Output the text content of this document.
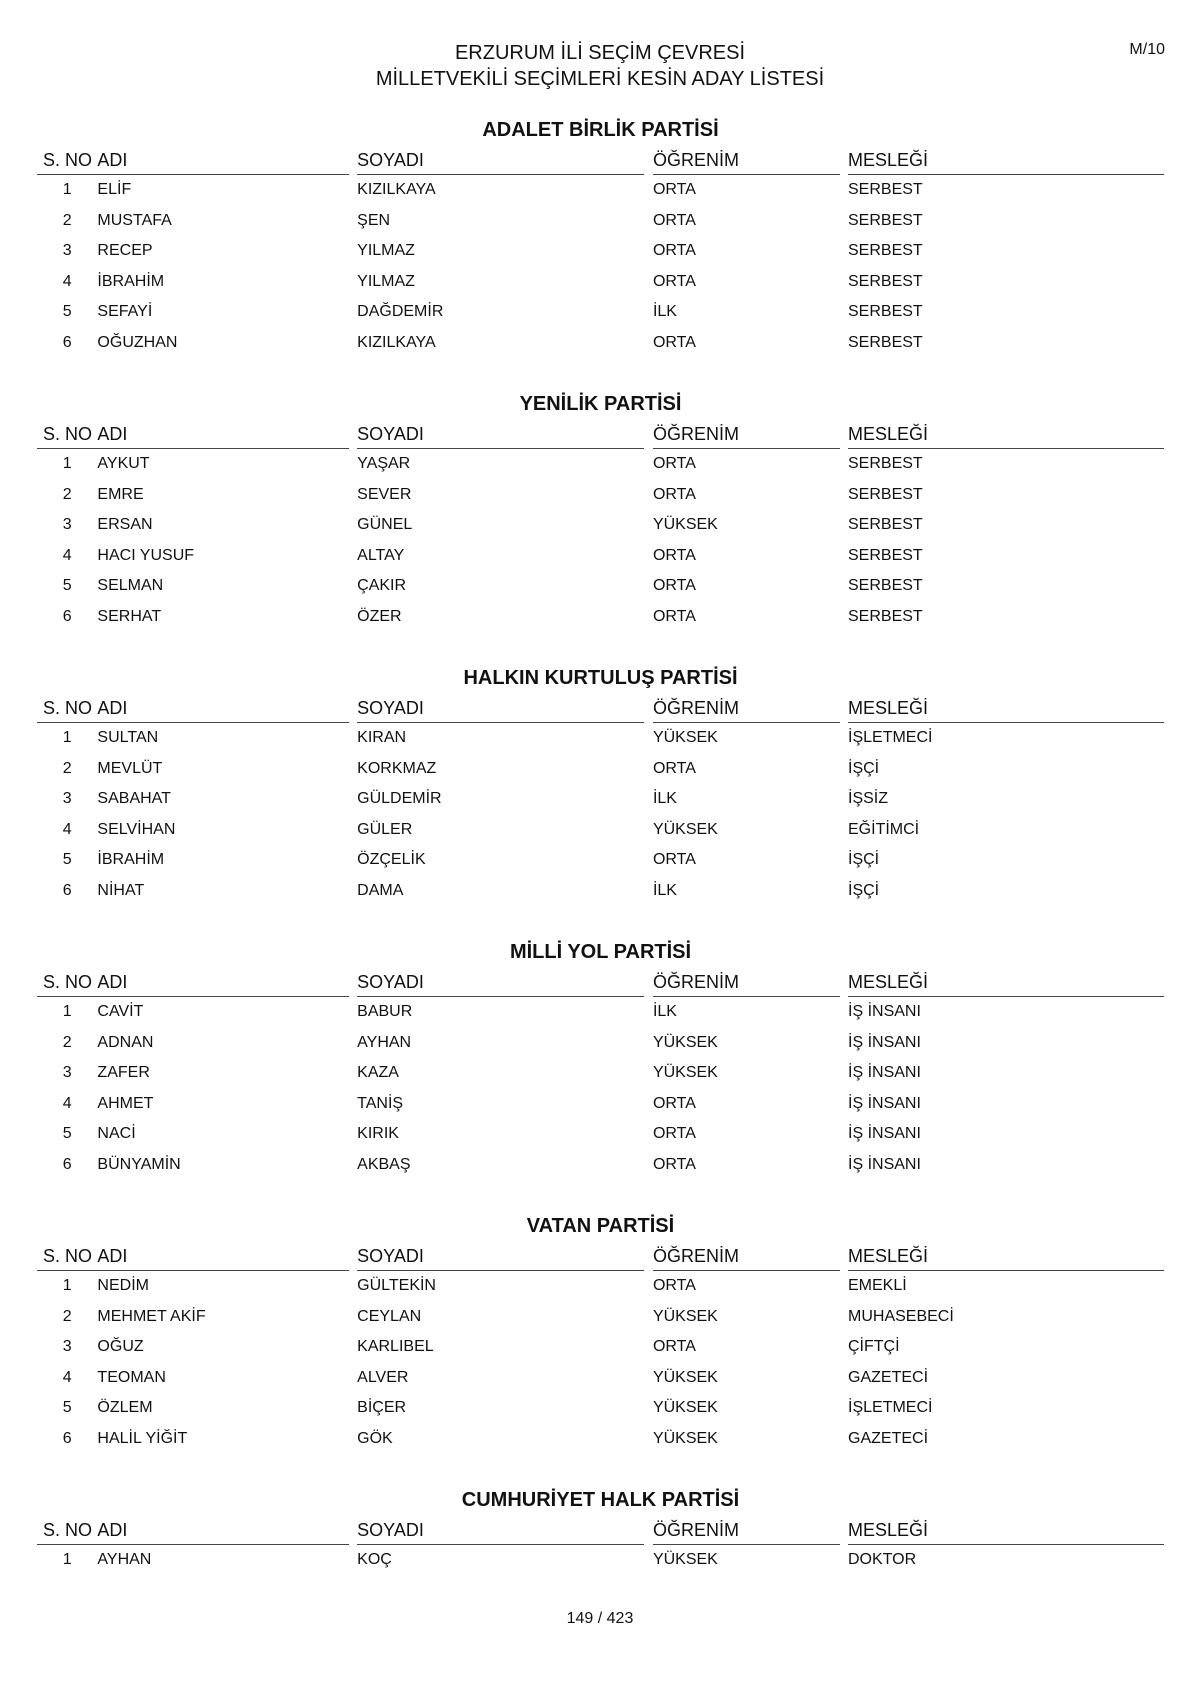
M/10
ERZURUM İLİ SEÇİM ÇEVRESİ
MİLLETVEKİLİ SEÇİMLERİ KESİN ADAY LİSTESİ
ADALET BİRLİK PARTİSİ
S. NO	ADI		SOYADI		ÖĞRENİM		MESLEĞİ
1	ELİF		KIZILKAYA		ORTA		SERBEST
2	MUSTAFA		ŞEN		ORTA		SERBEST
3	RECEP		YILMAZ		ORTA		SERBEST
4	İBRAHİM		YILMAZ		ORTA		SERBEST
5	SEFAYİ		DAĞDEMİR		İLK		SERBEST
6	OĞUZHAN		KIZILKAYA		ORTA		SERBEST
YENİLİK PARTİSİ
S. NO	ADI		SOYADI		ÖĞRENİM		MESLEĞİ
1	AYKUT		YAŞAR		ORTA		SERBEST
2	EMRE		SEVER		ORTA		SERBEST
3	ERSAN		GÜNEL		YÜKSEK		SERBEST
4	HACI YUSUF		ALTAY		ORTA		SERBEST
5	SELMAN		ÇAKIR		ORTA		SERBEST
6	SERHAT		ÖZER		ORTA		SERBEST
HALKIN KURTULUŞ PARTİSİ
S. NO	ADI		SOYADI		ÖĞRENİM		MESLEĞİ
1	SULTAN		KIRAN		YÜKSEK		İŞLETMECİ
2	MEVLÜT		KORKMAZ		ORTA		İŞÇİ
3	SABAHAT		GÜLDEMİR		İLK		İŞSİZ
4	SELVİHAN		GÜLER		YÜKSEK		EĞİTİMCİ
5	İBRAHİM		ÖZÇELİK		ORTA		İŞÇİ
6	NİHAT		DAMA		İLK		İŞÇİ
MİLLİ YOL PARTİSİ
S. NO	ADI		SOYADI		ÖĞRENİM		MESLEĞİ
1	CAVİT		BABUR		İLK		İŞ İNSANI
2	ADNAN		AYHAN		YÜKSEK		İŞ İNSANI
3	ZAFER		KAZA		YÜKSEK		İŞ İNSANI
4	AHMET		TANİŞ		ORTA		İŞ İNSANI
5	NACİ		KIRIK		ORTA		İŞ İNSANI
6	BÜNYAMİN		AKBAŞ		ORTA		İŞ İNSANI
VATAN PARTİSİ
S. NO	ADI		SOYADI		ÖĞRENİM		MESLEĞİ
1	NEDİM		GÜLTEKİN		ORTA		EMEKLİ
2	MEHMET AKİF		CEYLAN		YÜKSEK		MUHASEBECİ
3	OĞUZ		KARLIBEL		ORTA		ÇİFTÇİ
4	TEOMAN		ALVER		YÜKSEK		GAZETECİ
5	ÖZLEM		BİÇER		YÜKSEK		İŞLETMECİ
6	HALİL YİĞİT		GÖK		YÜKSEK		GAZETECİ
CUMHURİYET HALK PARTİSİ
S. NO	ADI		SOYADI		ÖĞRENİM		MESLEĞİ
1	AYHAN		KOÇ		YÜKSEK		DOKTOR
149 / 423
